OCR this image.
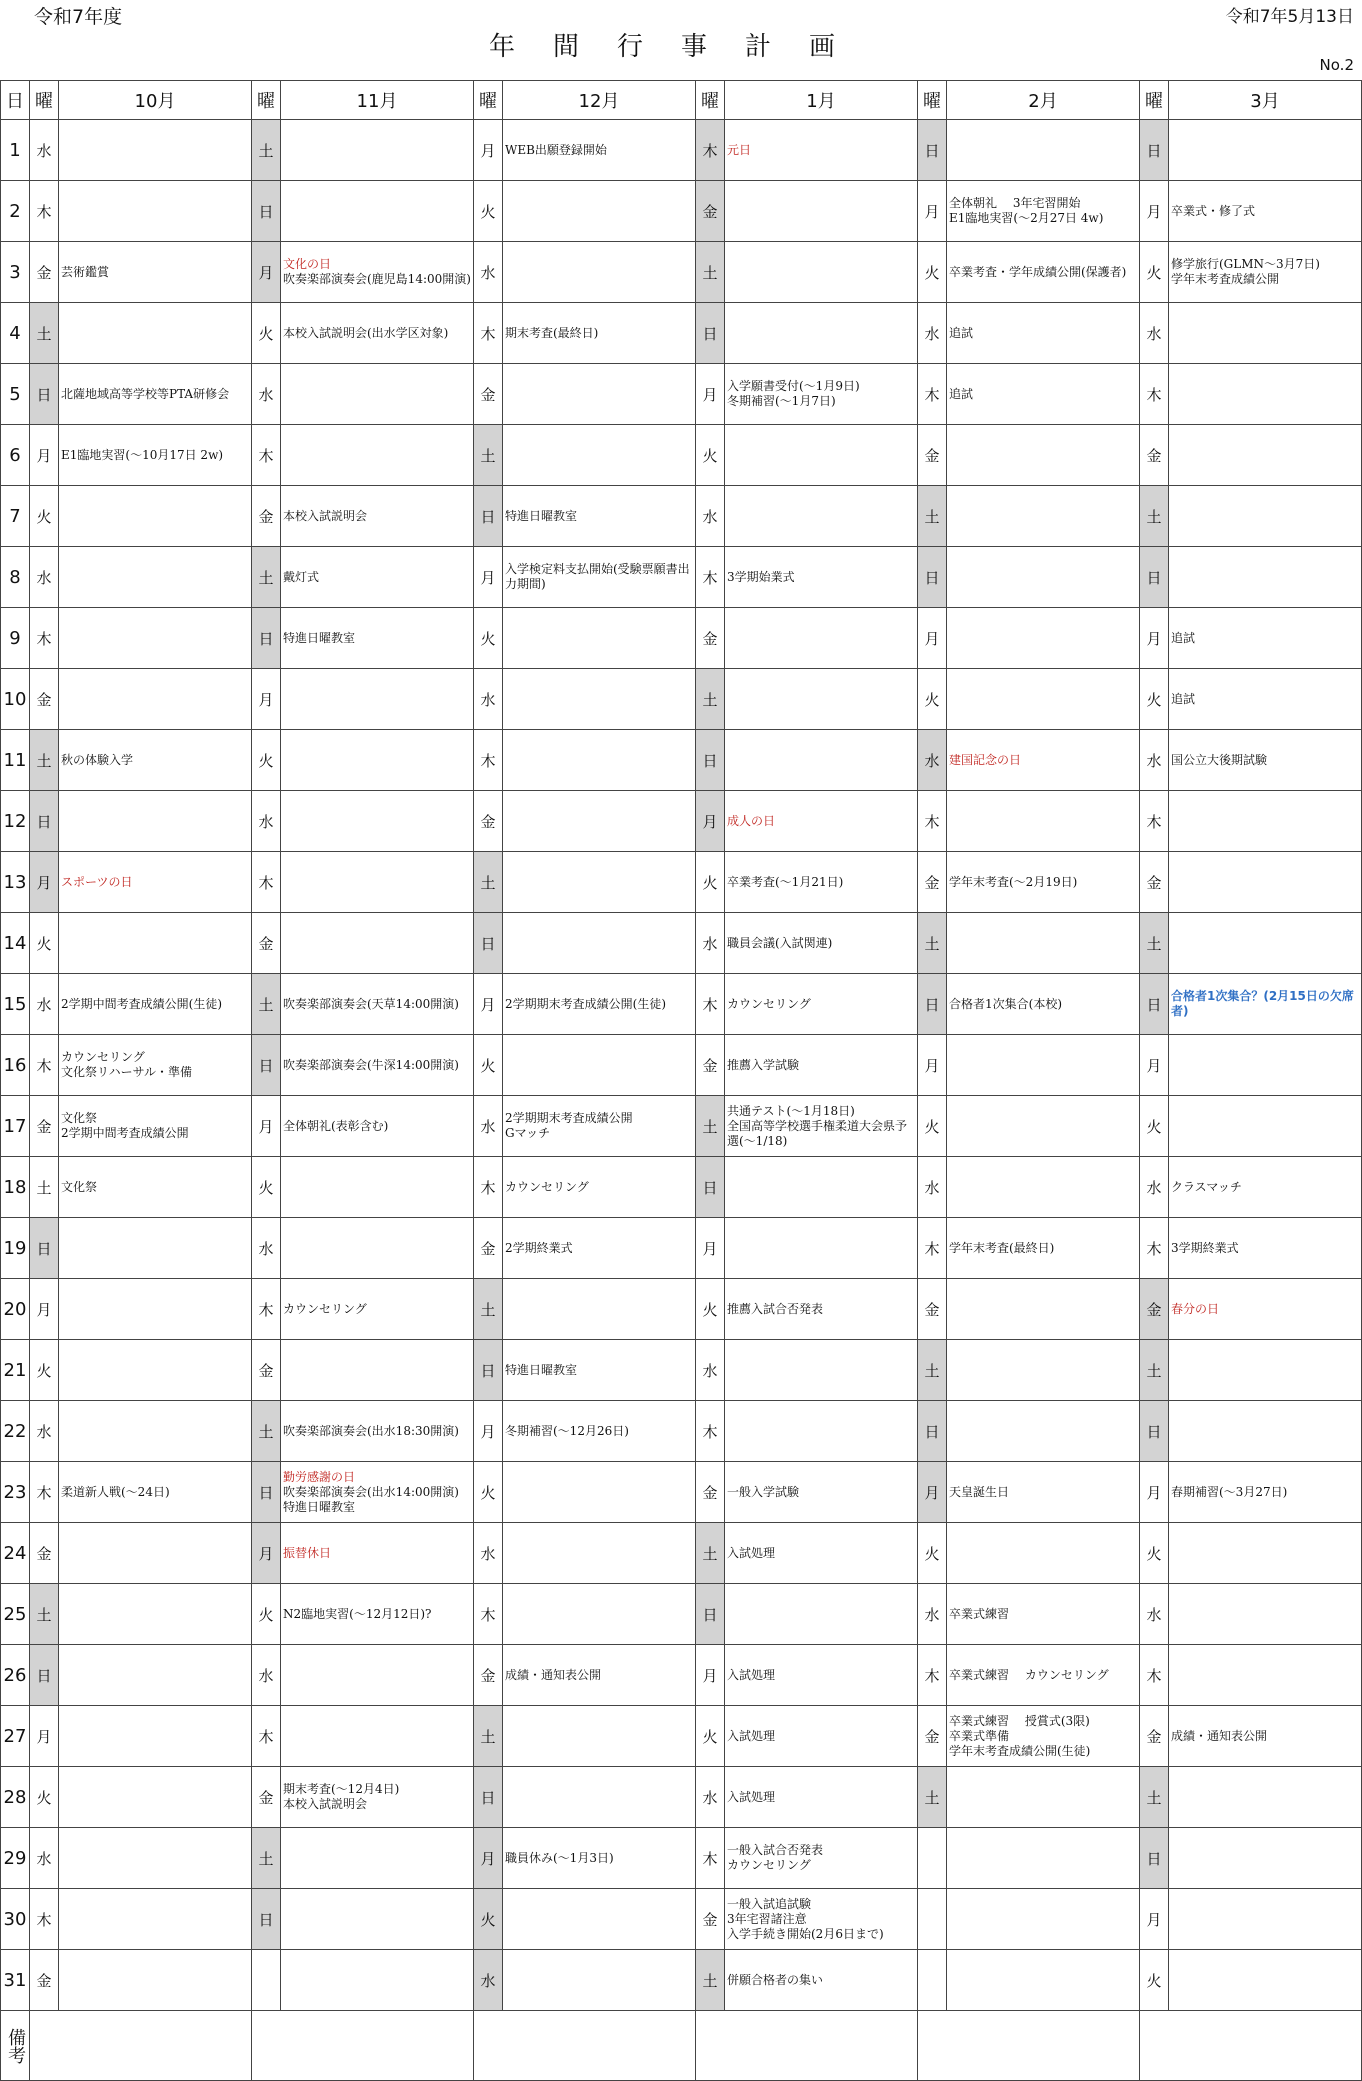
令和7年度
年間行事計画
令和7年5月13日
No.2
日	曜	10月	曜	11月	曜	12月	曜	1月	曜	2月	曜	3月
1	水		土		月	WEB出願登録開始	木	元日	日		日	
2	木		日		火		金		月	全体朝礼　 3年宅習開始
E1臨地実習(～2月27日 4w)	月	卒業式・修了式

3	金	芸術鑑賞	月	文化の日
吹奏楽部演奏会(鹿児島14:00開演)	水		土		火	卒業考査・学年成績公開(保護者)	火	修学旅行(GLMN～3月7日)
学年末考査成績公開

4	土		火	本校入試説明会(出水学区対象)	木	期末考査(最終日)	日		水	追試	水	
5	日	北薩地域高等学校等PTA研修会	水		金		月	入学願書受付(～1月9日)
冬期補習(～1月7日)	木	追試	木	
6	月	E1臨地実習(～10月17日 2w)	木		土		火		金		金	
7	火		金	本校入試説明会	日	特進日曜教室	水		土		土	
8	水		土	戴灯式	月	入学検定料支払開始(受験票願書出力期間)	木	3学期始業式	日		日	
9	木		日	特進日曜教室	火		金		月		月	追試

10	金		月		水		土		火		火	追試

11	土	秋の体験入学	火		木		日		水	建国記念の日	水	国公立大後期試験

12	日		水		金		月	成人の日	木		木	
13	月	スポーツの日	木		土		火	卒業考査(～1月21日)	金	学年末考査(～2月19日)	金	
14	火		金		日		水	職員会議(入試関連)	土		土	
15	水	2学期中間考査成績公開(生徒)	土	吹奏楽部演奏会(天草14:00開演)	月	2学期期末考査成績公開(生徒)	木	カウンセリング	日	合格者1次集合(本校)	日	合格者1次集合？(2月15日の欠席者)

16	木	カウンセリング
文化祭リハーサル・準備	日	吹奏楽部演奏会(牛深14:00開演)	火		金	推薦入学試験	月		月	
17	金	文化祭
2学期中間考査成績公開	月	全体朝礼(表彰含む)	水	2学期期末考査成績公開
Gマッチ	土	共通テスト(～1月18日)
全国高等学校選手権柔道大会県予選(～1/18)	火		火	
18	土	文化祭	火		木	カウンセリング	日		水		水	クラスマッチ

19	日		水		金	2学期終業式	月		木	学年末考査(最終日)	木	3学期終業式

20	月		木	カウンセリング	土		火	推薦入試合否発表	金		金	春分の日

21	火		金		日	特進日曜教室	水		土		土	
22	水		土	吹奏楽部演奏会(出水18:30開演)	月	冬期補習(～12月26日)	木		日		日	
23	木	柔道新人戦(～24日)	日	勤労感謝の日
吹奏楽部演奏会(出水14:00開演)
特進日曜教室	火		金	一般入学試験	月	天皇誕生日	月	春期補習(～3月27日)

24	金		月	振替休日	水		土	入試処理	火		火	
25	土		火	N2臨地実習(～12月12日)?	木		日		水	卒業式練習	水	
26	日		水		金	成績・通知表公開	月	入試処理	木	卒業式練習　 カウンセリング	木	
27	月		木		土		火	入試処理	金	卒業式練習　 授賞式(3限)
卒業式準備
学年末考査成績公開(生徒)	金	成績・通知表公開

28	火		金	期末考査(～12月4日)
本校入試説明会	日		水	入試処理	土		土	
29	水		土		月	職員休み(～1月3日)	木	一般入試合否発表
カウンセリング			日	
30	木		日		火		金	一般入試追試験
3年宅習諸注意
入学手続き開始(2月6日まで)			月	
31	金				水		土	併願合格者の集い			火	
備考												
